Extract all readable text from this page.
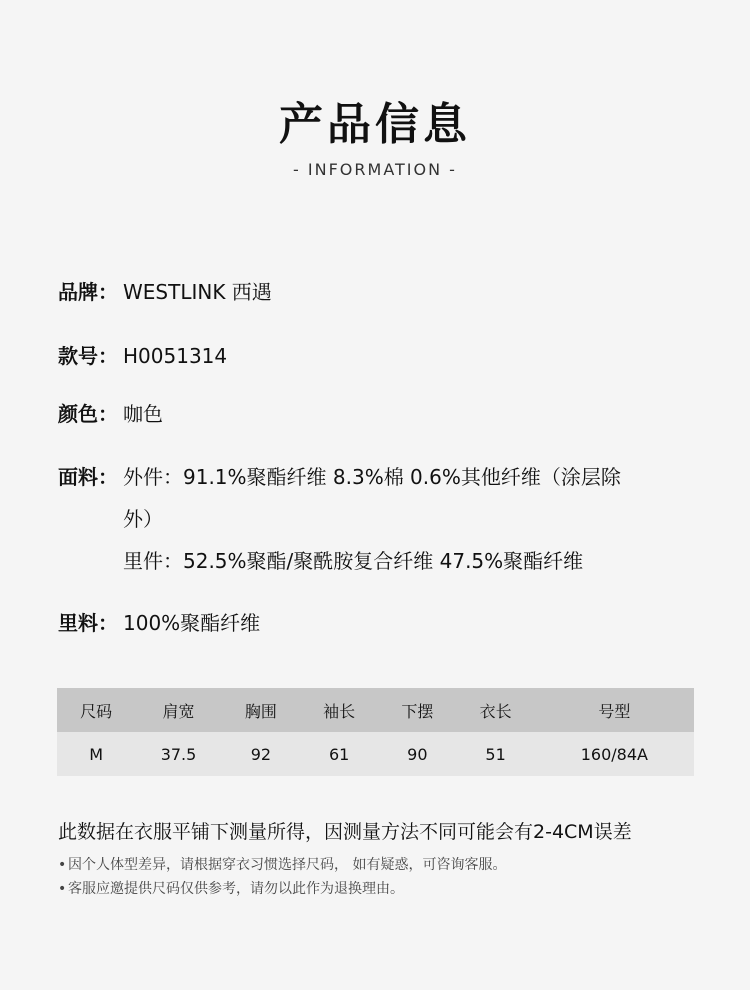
产品信息
- INFORMATION -
品牌： WESTLINK 西遇
款号： H0051314
颜色： 咖色
面料： 外件：91.1%聚酯纤维 8.3%棉 0.6%其他纤维（涂层除
外）
里件：52.5%聚酯/聚酰胺复合纤维 47.5%聚酯纤维
里料： 100%聚酯纤维
尺码	肩宽	胸围	袖长	下摆	衣长	号型
M	37.5	92	61	90	51	160/84A
此数据在衣服平铺下测量所得，因测量方法不同可能会有2-4CM误差
• 因个人体型差异，请根据穿衣习惯选择尺码， 如有疑惑，可咨询客服。
• 客服应邀提供尺码仅供参考，请勿以此作为退换理由。
